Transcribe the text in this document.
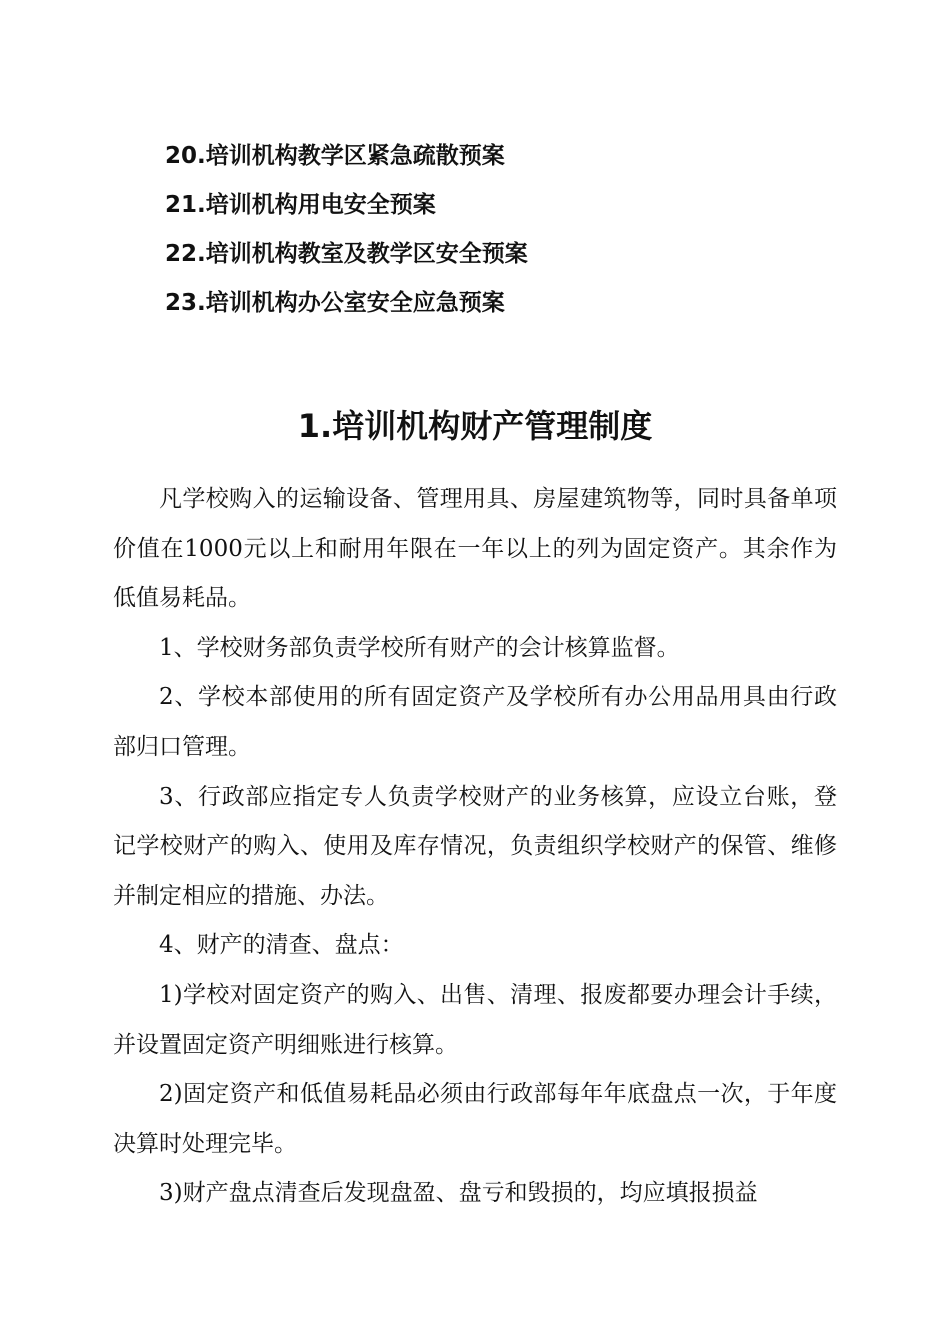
20.培训机构教学区紧急疏散预案
21.培训机构用电安全预案
22.培训机构教室及教学区安全预案
23.培训机构办公室安全应急预案
1.培训机构财产管理制度

凡学校购入的运输设备、管理用具、房屋建筑物等，同时具备单项价值在1000元以上和耐用年限在一年以上的列为固定资产。其余作为低值易耗品。

1、学校财务部负责学校所有财产的会计核算监督。

2、学校本部使用的所有固定资产及学校所有办公用品用具由行政部归口管理。

3、行政部应指定专人负责学校财产的业务核算，应设立台账，登记学校财产的购入、使用及库存情况，负责组织学校财产的保管、维修并制定相应的措施、办法。

4、财产的清查、盘点：

1)学校对固定资产的购入、出售、清理、报废都要办理会计手续，并设置固定资产明细账进行核算。

2)固定资产和低值易耗品必须由行政部每年年底盘点一次，于年度决算时处理完毕。

3)财产盘点清查后发现盘盈、盘亏和毁损的，均应填报损益
